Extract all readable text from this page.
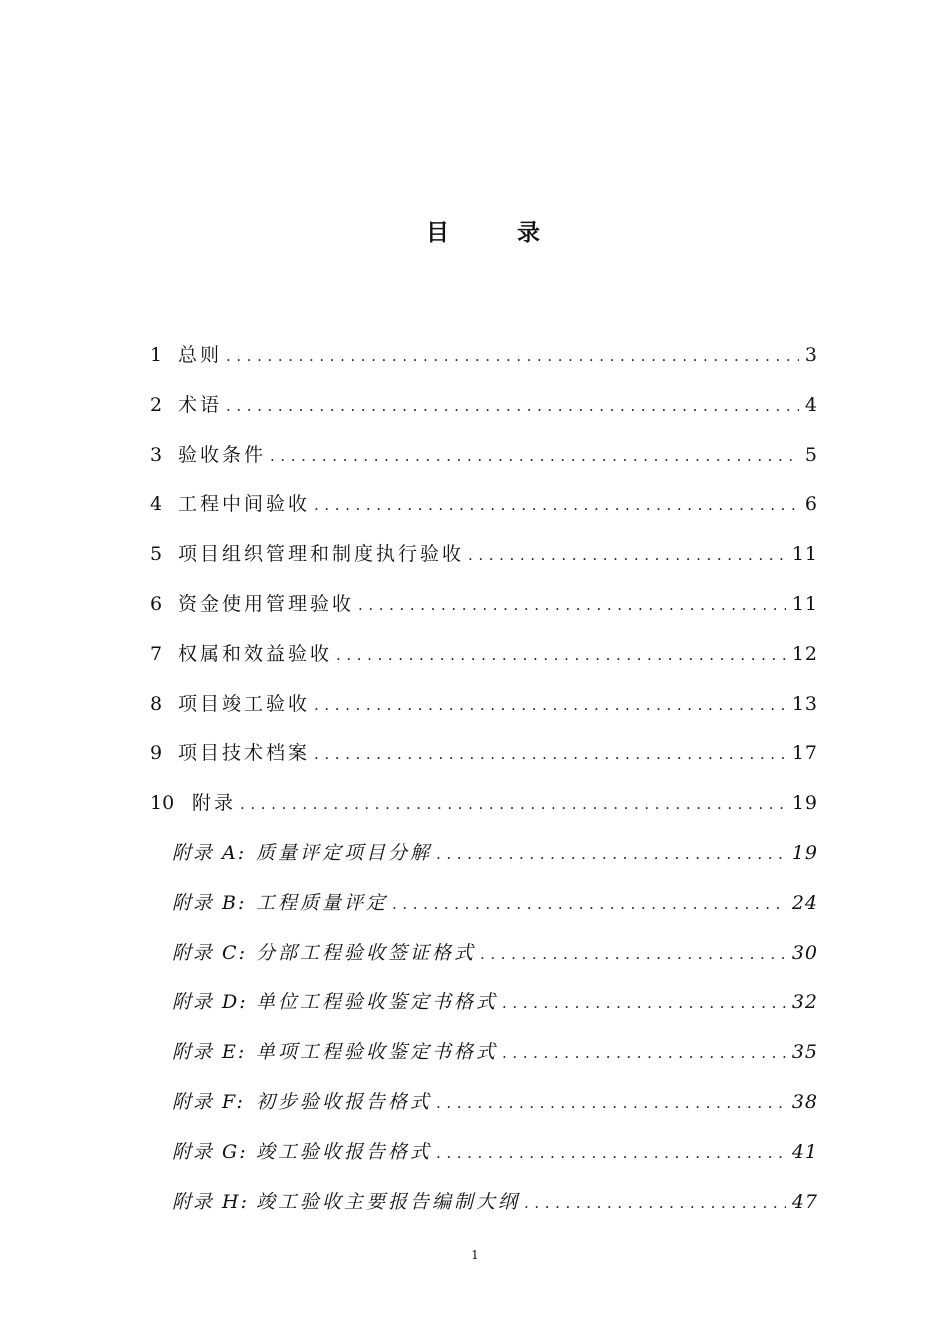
目	录
1 总则 .....	3
2 术语 .....	4
3 验收条件 .....	5
4 工程中间验收 .....	6
5 项目组织管理和制度执行验收 .....	11
6 资金使用管理验收 .....	11
7 权属和效益验收 .....	12
8 项目竣工验收 .....	13
9 项目技术档案 .....	17
10 附录 .....	19
附录 A: 质量评定项目分解 .....	19
附录 B: 工程质量评定 .....	24
附录 C: 分部工程验收签证格式 .....	30
附录 D: 单位工程验收鉴定书格式 .....	32
附录 E: 单项工程验收鉴定书格式 .....	35
附录 F: 初步验收报告格式 .....	38
附录 G: 竣工验收报告格式 .....	41
附录 H: 竣工验收主要报告编制大纲 .....	47
1
